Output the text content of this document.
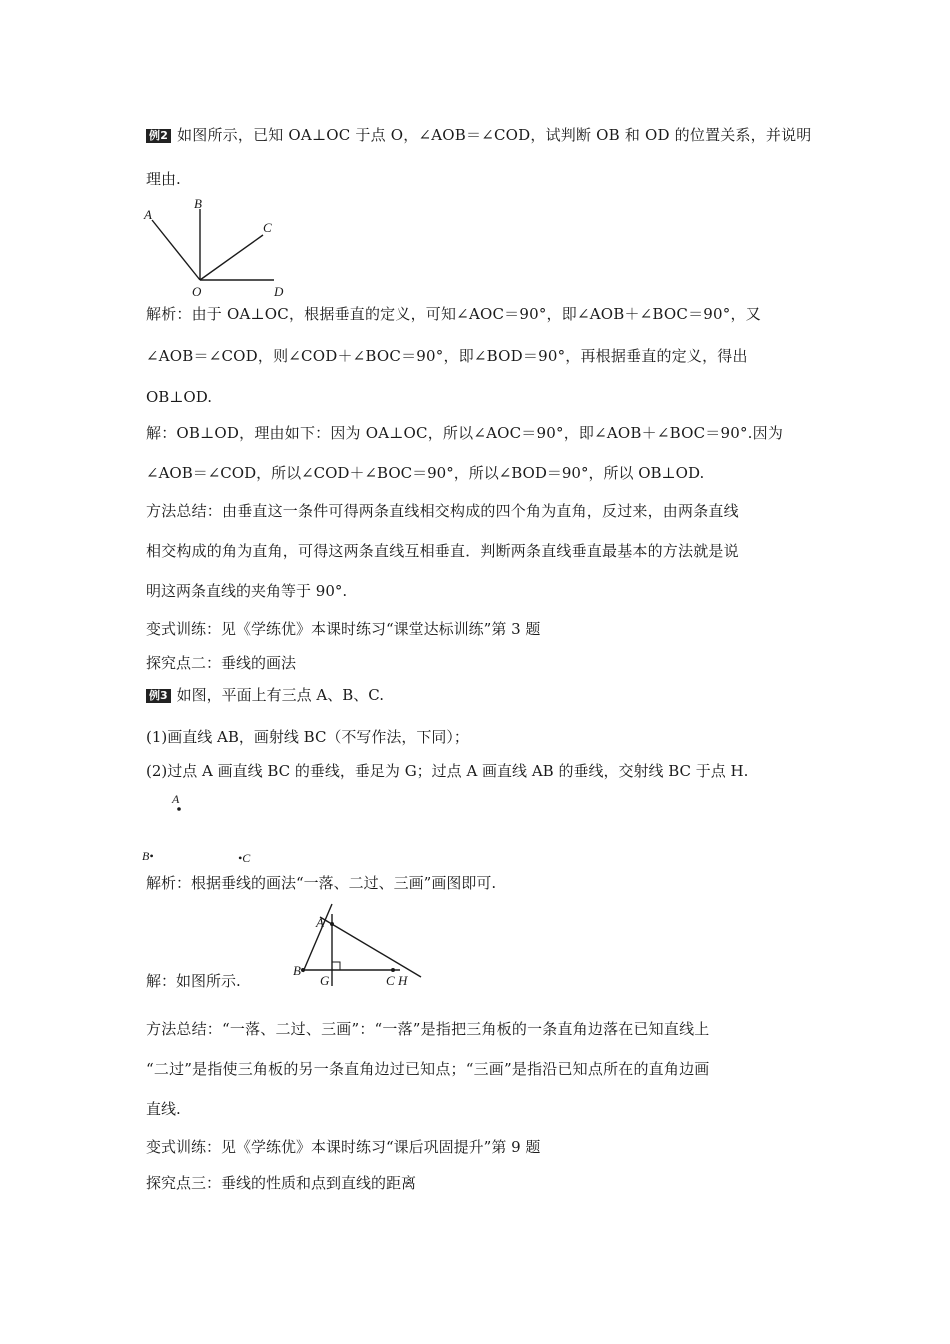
例2 如图所示，已知 OA⊥OC 于点 O，∠AOB＝∠COD，试判断 OB 和 OD 的位置关系，并说明
理由.
A
B
C
D
O
解析：由于 OA⊥OC，根据垂直的定义，可知∠AOC＝90°，即∠AOB＋∠BOC＝90°，又
∠AOB＝∠COD，则∠COD＋∠BOC＝90°，即∠BOD＝90°，再根据垂直的定义，得出
OB⊥OD.
解：OB⊥OD，理由如下：因为 OA⊥OC，所以∠AOC＝90°，即∠AOB＋∠BOC＝90°.因为
∠AOB＝∠COD，所以∠COD＋∠BOC＝90°，所以∠BOD＝90°，所以 OB⊥OD.
方法总结：由垂直这一条件可得两条直线相交构成的四个角为直角，反过来，由两条直线
相交构成的角为直角，可得这两条直线互相垂直．判断两条直线垂直最基本的方法就是说
明这两条直线的夹角等于 90°.
变式训练：见《学练优》本课时练习“课堂达标训练”第 3 题
探究点二：垂线的画法
例3 如图，平面上有三点 A、B、C.
(1)画直线 AB，画射线 BC（不写作法，下同）；
(2)过点 A 画直线 BC 的垂线，垂足为 G；过点 A 画直线 AB 的垂线，交射线 BC 于点 H.
A
B•	•C
解析：根据垂线的画法“一落、二过、三画”画图即可.
A
B
G	C H
解：如图所示.
方法总结：“一落、二过、三画”：“一落”是指把三角板的一条直角边落在已知直线上
“二过”是指使三角板的另一条直角边过已知点；“三画”是指沿已知点所在的直角边画
直线.
变式训练：见《学练优》本课时练习“课后巩固提升”第 9 题
探究点三：垂线的性质和点到直线的距离
